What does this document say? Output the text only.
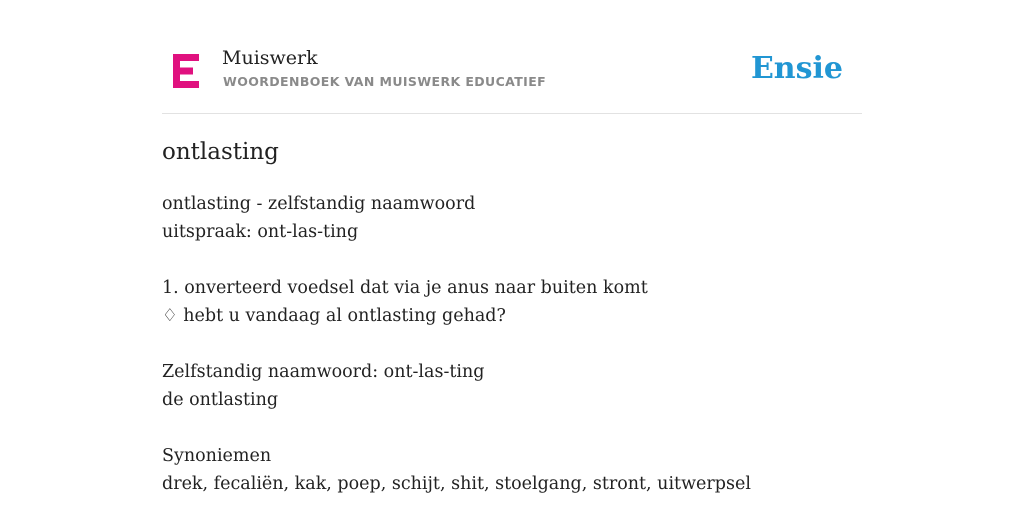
Muiswerk
WOORDENBOEK VAN MUISWERK EDUCATIEF	Ensie
ontlasting
ontlasting - zelfstandig naamwoord
uitspraak: ont-las-ting
1. onverteerd voedsel dat via je anus naar buiten komt
♢ hebt u vandaag al ontlasting gehad?
Zelfstandig naamwoord: ont-las-ting
de ontlasting
Synoniemen
drek, fecaliën, kak, poep, schijt, shit, stoelgang, stront, uitwerpsel
